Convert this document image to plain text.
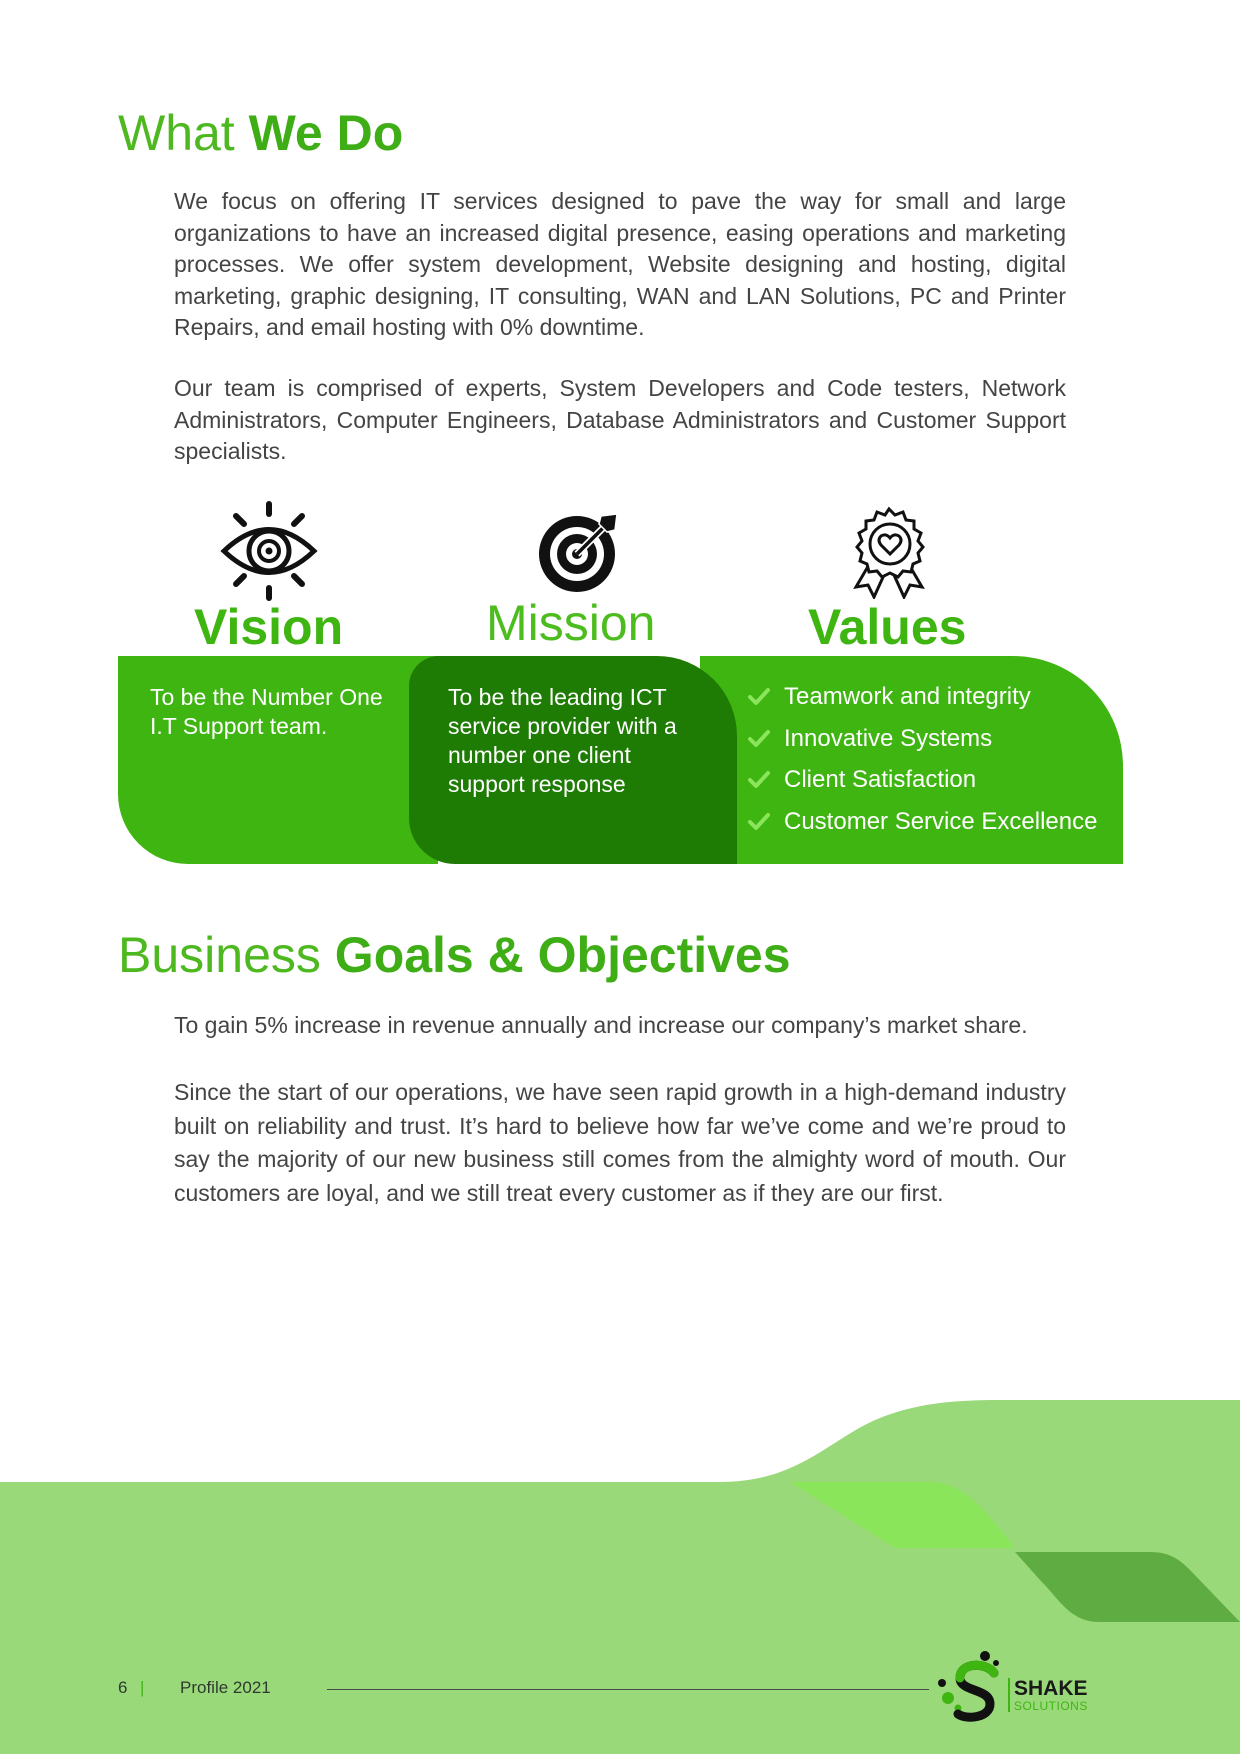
What We Do

We focus on offering IT services designed to pave the way for small and large organizations to have an increased digital presence, easing operations and marketing processes. We offer system development, Website designing and hosting, digital marketing, graphic designing, IT consulting, WAN and LAN Solutions, PC and Printer Repairs, and email hosting with 0% downtime.

Our team is comprised of experts, System Developers and Code testers, Network Administrators, Computer Engineers, Database Administrators and Customer Support specialists.

Vision	Mission	Values

To be the Number One I.T Support team.

To be the leading ICT service provider with a number one client support response

Teamwork and integrity
Innovative Systems
Client Satisfaction
Customer Service Excellence
Business Goals & Objectives

To gain 5% increase in revenue annually and increase our company’s market share.

Since the start of our operations, we have seen rapid growth in a high-demand industry built on reliability and trust. It’s hard to believe how far we’ve come and we’re proud to say the majority of our new business still comes from the almighty word of mouth. Our customers are loyal, and we still treat every customer as if they are our first.

6 | Profile 2021	SHAKE
SOLUTIONS
